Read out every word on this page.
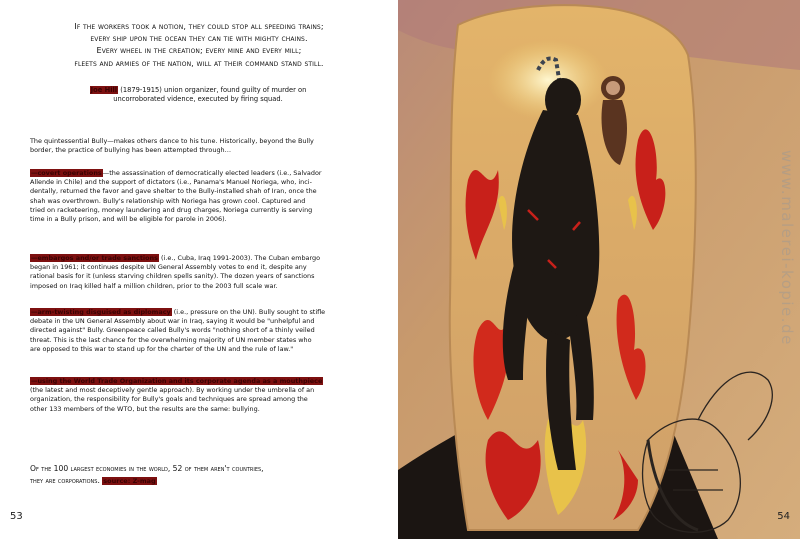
If the workers took a notion, they could stop all speeding trains;
every ship upon the ocean they can tie with mighty chains.
Every wheel in the creation; every mine and every mill;
fleets and armies of the nation, will at their command stand still.
Joe Hill (1879-1915) union organizer, found guilty of murder on
uncorroborated vidence, executed by firing squad.
The quintessential Bully—makes others dance to his tune. Historically, beyond the Bully
border, the practice of bullying has been attempted through…
—covert operations—the assassination of democratically elected leaders (i.e., Salvador
Allende in Chile) and the support of dictators (i.e., Panama's Manuel Noriega, who, inci-
dentally, returned the favor and gave shelter to the Bully-installed shah of Iran, once the
shah was overthrown. Bully's relationship with Noriega has grown cool. Captured and
tried on racketeering, money laundering and drug charges, Noriega currently is serving
time in a Bully prison, and will be eligible for parole in 2006).
—embargos and/or trade sanctions (i.e., Cuba, Iraq 1991-2003). The Cuban embargo
began in 1961; it continues despite UN General Assembly votes to end it, despite any
rational basis for it (unless starving children spells sanity). The dozen years of sanctions
imposed on Iraq killed half a million children, prior to the 2003 full scale war.
—arm-twisting disguised as diplomacy (i.e., pressure on the UN). Bully sought to stifle
debate in the UN General Assembly about war in Iraq, saying it would be "unhelpful and
directed against" Bully. Greenpeace called Bully's words "nothing short of a thinly veiled
threat. This is the last chance for the overwhelming majority of UN member states who
are opposed to this war to stand up for the charter of the UN and the rule of law."
—using the World Trade Organization and its corporate agenda as a mouthpiece
(the latest and most deceptively gentle approach). By working under the umbrella of an
organization, the responsibility for Bully's goals and techniques are spread among the
other 133 members of the WTO, but the results are the same: bullying.
Of the 100 largest economies in the world, 52 of them aren't countries,
they are corporations. source: Z-mag
53
www.malerei-kopie.de
54
